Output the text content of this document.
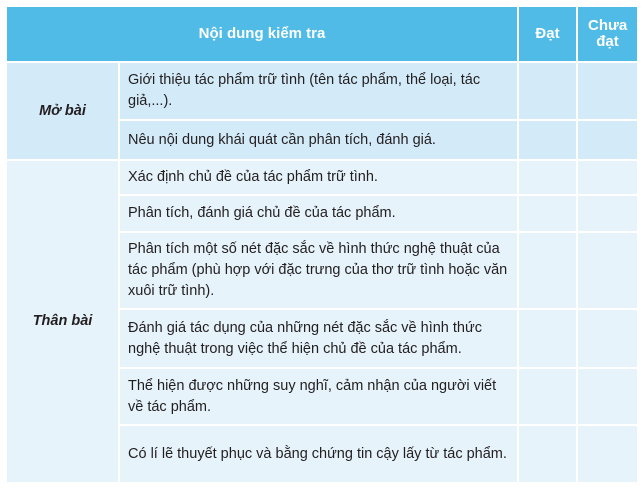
Nội dung kiểm tra		Đạt	Chưa đạt
Mở bài	Giới thiệu tác phẩm trữ tình (tên tác phẩm, thể loại, tác giả,...).		
	Nêu nội dung khái quát cần phân tích, đánh giá.		
Thân bài	Xác định chủ đề của tác phẩm trữ tình.		
	Phân tích, đánh giá chủ đề của tác phẩm.		
	Phân tích một số nét đặc sắc về hình thức nghệ thuật của tác phẩm (phù hợp với đặc trưng của thơ trữ tình hoặc văn xuôi trữ tình).		
	Đánh giá tác dụng của những nét đặc sắc về hình thức nghệ thuật trong việc thể hiện chủ đề của tác phẩm.		
	Thể hiện được những suy nghĩ, cảm nhận của người viết về tác phẩm.		
	Có lí lẽ thuyết phục và bằng chứng tin cậy lấy từ tác phẩm.		
